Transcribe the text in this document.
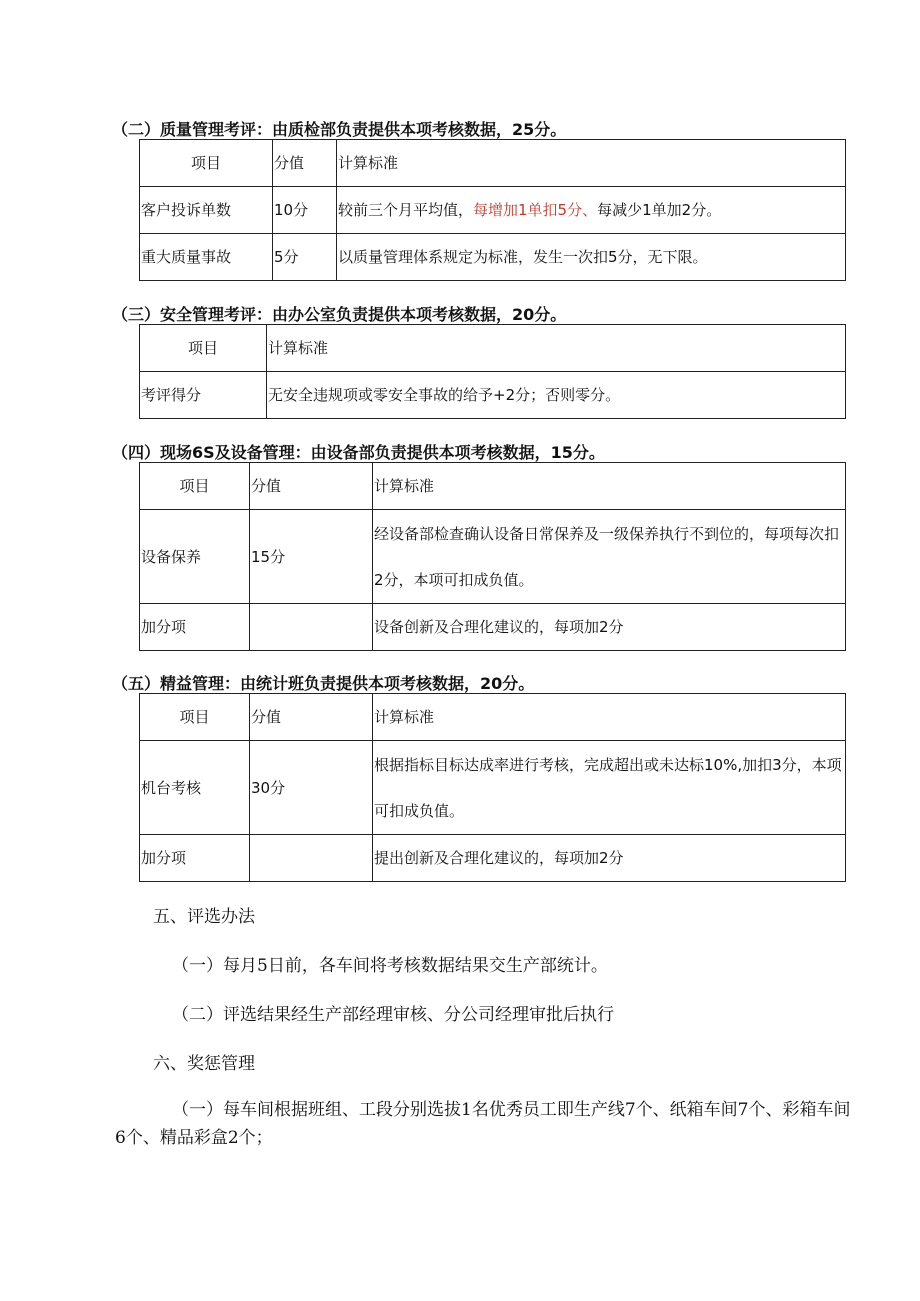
（二）质量管理考评：由质检部负责提供本项考核数据，25分。
项目	分值	计算标准
客户投诉单数	10分	较前三个月平均值，每增加1单扣5分、每减少1单加2分。
重大质量事故	5分	以质量管理体系规定为标准，发生一次扣5分，无下限。
（三）安全管理考评：由办公室负责提供本项考核数据，20分。
项目	计算标准
考评得分	无安全违规项或零安全事故的给予+2分；否则零分。
（四）现场6S及设备管理：由设备部负责提供本项考核数据，15分。
项目	分值	计算标准
设备保养	15分	经设备部检查确认设备日常保养及一级保养执行不到位的，每项每次扣2分，本项可扣成负值。
加分项		设备创新及合理化建议的，每项加2分
（五）精益管理：由统计班负责提供本项考核数据，20分。
项目	分值	计算标准
机台考核	30分	根据指标目标达成率进行考核，完成超出或未达标10%,加扣3分，本项可扣成负值。
加分项		提出创新及合理化建议的，每项加2分
五、评选办法
（一）每月5日前，各车间将考核数据结果交生产部统计。
（二）评选结果经生产部经理审核、分公司经理审批后执行
六、奖惩管理
（一）每车间根据班组、工段分别选拔1名优秀员工即生产线7个、纸箱车间7个、彩箱车间6个、精品彩盒2个；
